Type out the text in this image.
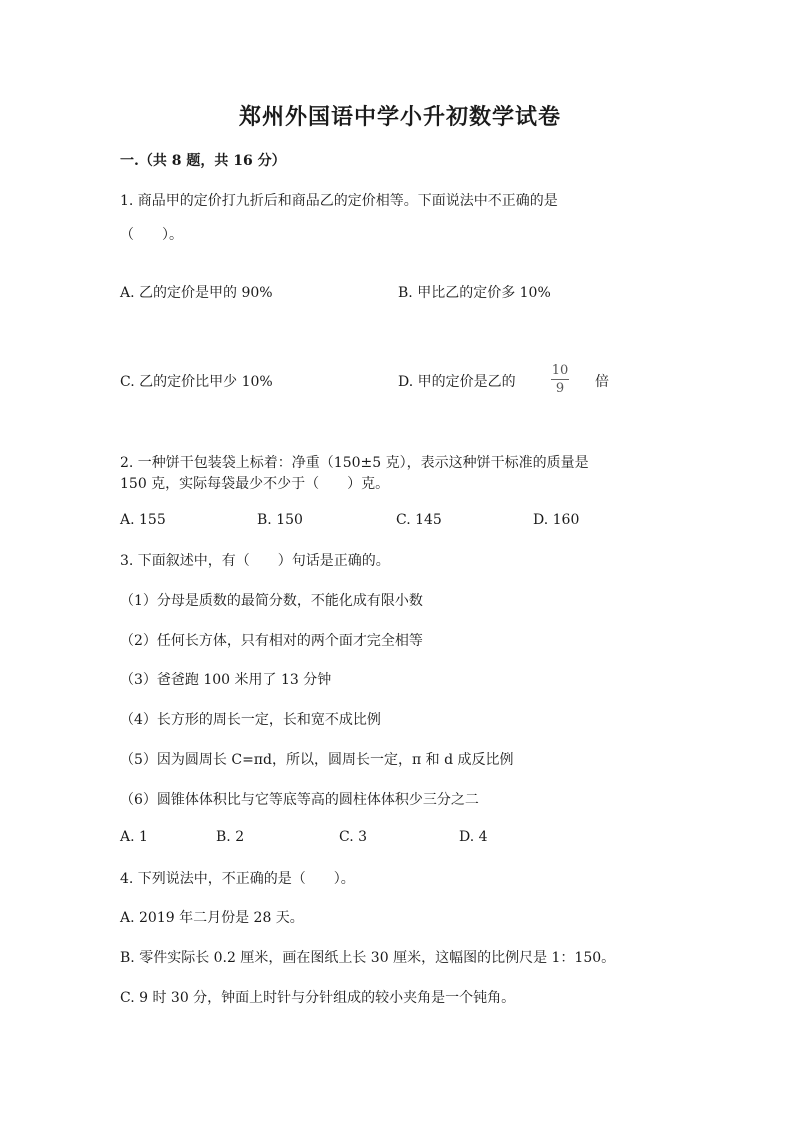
郑州外国语中学小升初数学试卷
一.（共 8 题，共 16 分）
1. 商品甲的定价打九折后和商品乙的定价相等。下面说法中不正确的是
（　　）。
A. 乙的定价是甲的 90%	B. 甲比乙的定价多 10%
C. 乙的定价比甲少 10%	D. 甲的定价是乙的
10
9 倍
2. 一种饼干包装袋上标着：净重（150±5 克），表示这种饼干标准的质量是
150 克，实际每袋最少不少于（　　）克。
A. 155	B. 150	C. 145	D. 160
3. 下面叙述中，有（　　）句话是正确的。
（1）分母是质数的最简分数，不能化成有限小数
（2）任何长方体，只有相对的两个面才完全相等
（3）爸爸跑 100 米用了 13 分钟
（4）长方形的周长一定，长和宽不成比例
（5）因为圆周长 C=πd，所以，圆周长一定，π 和 d 成反比例
（6）圆锥体体积比与它等底等高的圆柱体体积少三分之二
A. 1	B. 2	C. 3	D. 4
4. 下列说法中，不正确的是（　　）。
A. 2019 年二月份是 28 天。
B. 零件实际长 0.2 厘米，画在图纸上长 30 厘米，这幅图的比例尺是 1：150。
C. 9 时 30 分，钟面上时针与分针组成的较小夹角是一个钝角。
